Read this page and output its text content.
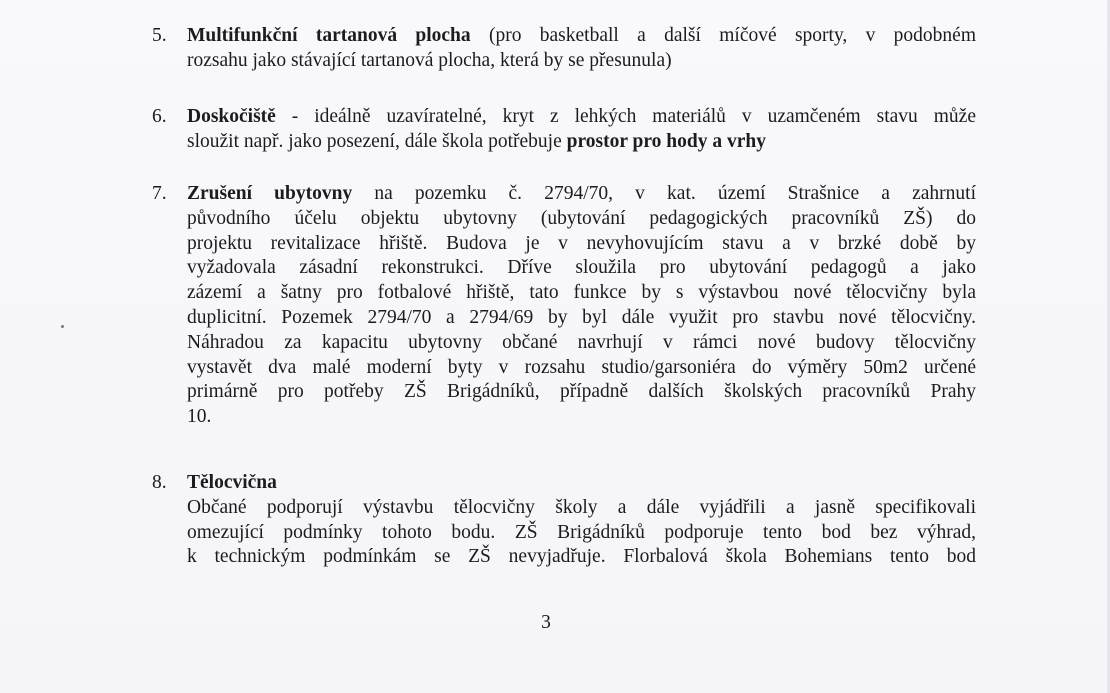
5.	Multifunkční tartanová plocha (pro basketball a další míčové sporty, v podobném
rozsahu jako stávající tartanová plocha, která by se přesunula)
6.	Doskočiště - ideálně uzavíratelné, kryt z lehkých materiálů v uzamčeném stavu může
sloužit např. jako posezení, dále škola potřebuje prostor pro hody a vrhy
7.	Zrušení ubytovny na pozemku č. 2794/70, v kat. území Strašnice a zahrnutí
původního účelu objektu ubytovny (ubytování pedagogických pracovníků ZŠ) do
projektu revitalizace hřiště. Budova je v nevyhovujícím stavu a v brzké době by
vyžadovala zásadní rekonstrukci. Dříve sloužila pro ubytování pedagogů a jako
zázemí a šatny pro fotbalové hřiště, tato funkce by s výstavbou nové tělocvičny byla
duplicitní. Pozemek 2794/70 a 2794/69 by byl dále využit pro stavbu nové tělocvičny.
Náhradou za kapacitu ubytovny občané navrhují v rámci nové budovy tělocvičny
vystavět dva malé moderní byty v rozsahu studio/garsoniéra do výměry 50m2 určené
primárně pro potřeby ZŠ Brigádníků, případně dalších školských pracovníků Prahy
10.
8.	Tělocvična
Občané podporují výstavbu tělocvičny školy a dále vyjádřili a jasně specifikovali
omezující podmínky tohoto bodu. ZŠ Brigádníků podporuje tento bod bez výhrad,
k technickým podmínkám se ZŠ nevyjadřuje. Florbalová škola Bohemians tento bod
3
